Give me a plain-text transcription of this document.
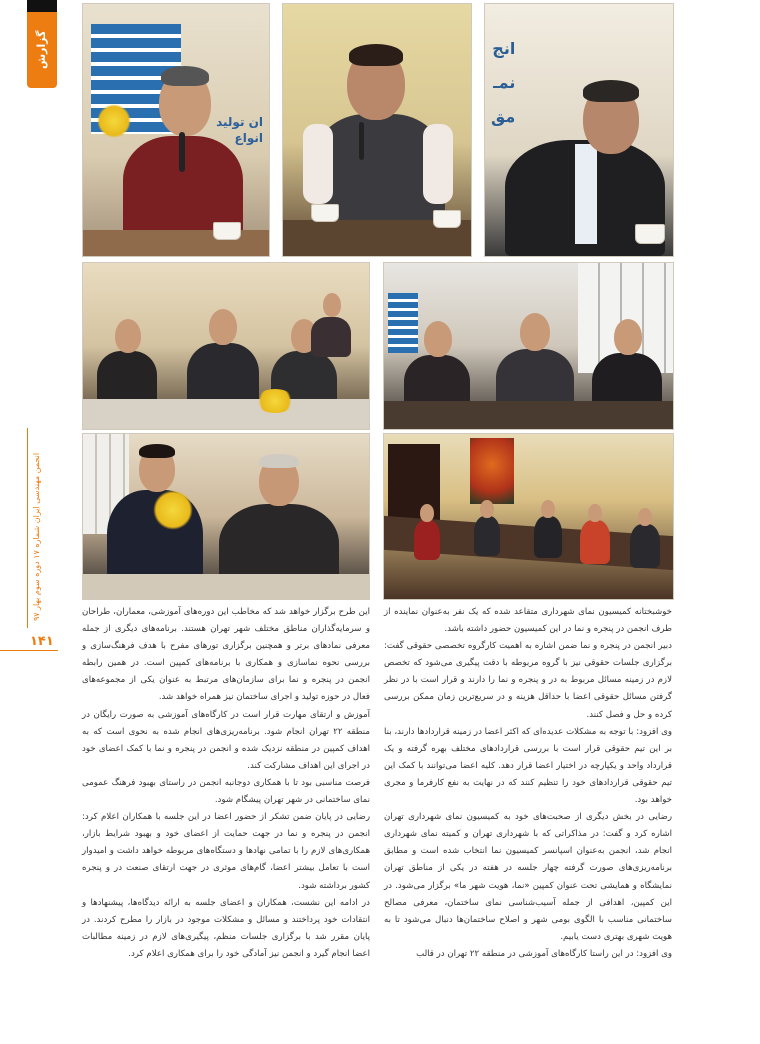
گزارش
انجمن مهندسی ایران شماره ۱۷ دوره سوم بهار ۹۷
۱۴۱
ان تولید
انواع
انج
نمـ
مق

خوشبختانه کمیسیون نمای شهرداری متقاعد شده که یک نفر به‌عنوان نماینده از طرف انجمن در پنجره و نما در این کمیسیون حضور داشته باشد.

دبیر انجمن در پنجره و نما ضمن اشاره به اهمیت کارگروه تخصصی حقوقی گفت: برگزاری جلسات حقوقی نیز با گروه مربوطه با دقت پیگیری می‌شود که تخصص لازم در زمینه مسائل مربوط به در و پنجره و نما را دارند و قرار است با در نظر گرفتن مسائل حقوقی اعضا با حداقل هزینه و در سریع‌ترین زمان ممکن بررسی کرده و حل و فصل کنند.

وی افزود: با توجه به مشکلات عدیده‌ای که اکثر اعضا در زمینه قراردادها دارند، بنا بر این تیم حقوقی قرار است با بررسی قراردادهای مختلف بهره گرفته و یک قرارداد واحد و یکپارچه در اختیار اعضا قرار دهد. کلیه اعضا می‌توانند با کمک این تیم حقوقی قراردادهای خود را تنظیم کنند که در نهایت به نفع کارفرما و مجری خواهد بود.

رضایی در بخش دیگری از صحبت‌های خود به کمیسیون نمای شهرداری تهران اشاره کرد و گفت: در مذاکراتی که با شهرداری تهران و کمیته نمای شهرداری انجام شد، انجمن به‌عنوان اسپانسر کمیسیون نما انتخاب شده است و مطابق برنامه‌ریزی‌های صورت گرفته چهار جلسه در هفته در یکی از مناطق تهران نمایشگاه و همایشی تحت عنوان کمپین «نما، هویت شهر ما» برگزار می‌شود. در این کمپین، اهدافی از جمله آسیب‌شناسی نمای ساختمان، معرفی مصالح ساختمانی مناسب با الگوی بومی شهر و اصلاح ساختمان‌ها دنبال می‌شود تا به هویت شهری بهتری دست یابیم.

وی افزود: در این راستا کارگاه‌های آموزشی در منطقه ۲۲ تهران در قالب

این طرح برگزار خواهد شد که مخاطب این دوره‌های آموزشی، معماران، طراحان و سرمایه‌گذاران مناطق مختلف شهر تهران هستند. برنامه‌های دیگری از جمله معرفی نمادهای برتر و همچنین برگزاری تورهای مفرح با هدف فرهنگ‌سازی و بررسی نحوه نماسازی و همکاری با برنامه‌های کمپین است. در همین رابطه انجمن در پنجره و نما برای سازمان‌های مرتبط به عنوان یکی از مجموعه‌های فعال در حوزه تولید و اجرای ساختمان نیز همراه خواهد شد.

آموزش و ارتقای مهارت قرار است در کارگاه‌های آموزشی به صورت رایگان در منطقه ۲۲ تهران انجام شود. برنامه‌ریزی‌های انجام شده به نحوی است که به اهداف کمپین در منطقه نزدیک شده و انجمن در پنجره و نما با کمک اعضای خود در اجرای این اهداف مشارکت کند.

فرصت مناسبی بود تا با همکاری دوجانبه انجمن در راستای بهبود فرهنگ عمومی نمای ساختمانی در شهر تهران پیشگام شود.

رضایی در پایان ضمن تشکر از حضور اعضا در این جلسه با همکاران اعلام کرد: انجمن در پنجره و نما در جهت حمایت از اعضای خود و بهبود شرایط بازار، همکاری‌های لازم را با تمامی نهادها و دستگاه‌های مربوطه خواهد داشت و امیدوار است با تعامل بیشتر اعضا، گام‌های موثری در جهت ارتقای صنعت در و پنجره کشور برداشته شود.

در ادامه این نشست، همکاران و اعضای جلسه به ارائه دیدگاه‌ها، پیشنهادها و انتقادات خود پرداختند و مسائل و مشکلات موجود در بازار را مطرح کردند. در پایان مقرر شد با برگزاری جلسات منظم، پیگیری‌های لازم در زمینه مطالبات اعضا انجام گیرد و انجمن نیز آمادگی خود را برای همکاری اعلام کرد.
